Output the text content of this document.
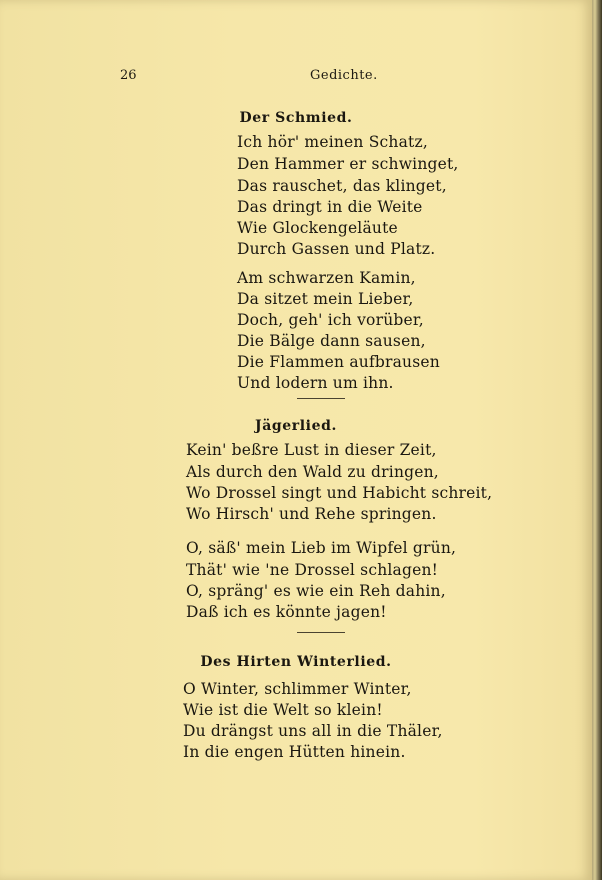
26	Gedichte.
Der Schmied.
Ich hör' meinen Schatz,
Den Hammer er schwinget,
Das rauschet, das klinget,
Das dringt in die Weite
Wie Glockengeläute
Durch Gassen und Platz.
Am schwarzen Kamin,
Da sitzet mein Lieber,
Doch, geh' ich vorüber,
Die Bälge dann sausen,
Die Flammen aufbrausen
Und lodern um ihn.
Jägerlied.
Kein' beßre Lust in dieser Zeit,
Als durch den Wald zu dringen,
Wo Drossel singt und Habicht schreit,
Wo Hirsch' und Rehe springen.
O, säß' mein Lieb im Wipfel grün,
Thät' wie 'ne Drossel schlagen!
O, spräng' es wie ein Reh dahin,
Daß ich es könnte jagen!
Des Hirten Winterlied.
O Winter, schlimmer Winter,
Wie ist die Welt so klein!
Du drängst uns all in die Thäler,
In die engen Hütten hinein.
